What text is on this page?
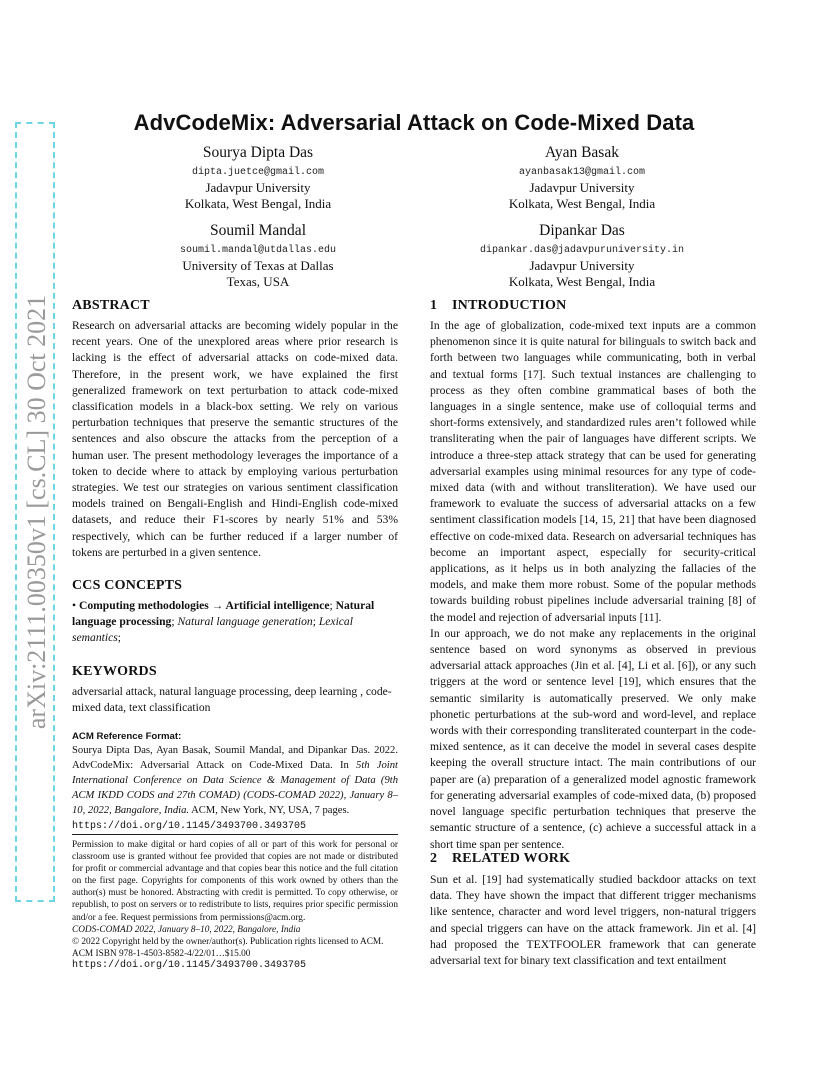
arXiv:2111.00350v1 [cs.CL] 30 Oct 2021
AdvCodeMix: Adversarial Attack on Code-Mixed Data
Sourya Dipta Das
dipta.juetce@gmail.com
Jadavpur University
Kolkata, West Bengal, India
Ayan Basak
ayanbasak13@gmail.com
Jadavpur University
Kolkata, West Bengal, India
Soumil Mandal
soumil.mandal@utdallas.edu
University of Texas at Dallas
Texas, USA
Dipankar Das
dipankar.das@jadavpuruniversity.in
Jadavpur University
Kolkata, West Bengal, India
ABSTRACT

Research on adversarial attacks are becoming widely popular in the recent years. One of the unexplored areas where prior research is lacking is the effect of adversarial attacks on code-mixed data. Therefore, in the present work, we have explained the first generalized framework on text perturbation to attack code-mixed classification models in a black-box setting. We rely on various perturbation techniques that preserve the semantic structures of the sentences and also obscure the attacks from the perception of a human user. The present methodology leverages the importance of a token to decide where to attack by employing various perturbation strategies. We test our strategies on various sentiment classification models trained on Bengali-English and Hindi-English code-mixed datasets, and reduce their F1-scores by nearly 51% and 53% respectively, which can be further reduced if a larger number of tokens are perturbed in a given sentence.

CCS CONCEPTS

• Computing methodologies → Artificial intelligence; Natural language processing; Natural language generation; Lexical semantics;

KEYWORDS

adversarial attack, natural language processing, deep learning , code-mixed data, text classification

ACM Reference Format:

Sourya Dipta Das, Ayan Basak, Soumil Mandal, and Dipankar Das. 2022. AdvCodeMix: Adversarial Attack on Code-Mixed Data. In 5th Joint International Conference on Data Science & Management of Data (9th ACM IKDD CODS and 27th COMAD) (CODS-COMAD 2022), January 8–10, 2022, Bangalore, India. ACM, New York, NY, USA, 7 pages.
https://doi.org/10.1145/3493700.3493705

Permission to make digital or hard copies of all or part of this work for personal or classroom use is granted without fee provided that copies are not made or distributed for profit or commercial advantage and that copies bear this notice and the full citation on the first page. Copyrights for components of this work owned by others than the author(s) must be honored. Abstracting with credit is permitted. To copy otherwise, or republish, to post on servers or to redistribute to lists, requires prior specific permission and/or a fee. Request permissions from permissions@acm.org.

CODS-COMAD 2022, January 8–10, 2022, Bangalore, India

© 2022 Copyright held by the owner/author(s). Publication rights licensed to ACM.

ACM ISBN 978-1-4503-8582-4/22/01…$15.00

https://doi.org/10.1145/3493700.3493705

1 INTRODUCTION

In the age of globalization, code-mixed text inputs are a common phenomenon since it is quite natural for bilinguals to switch back and forth between two languages while communicating, both in verbal and textual forms [17]. Such textual instances are challenging to process as they often combine grammatical bases of both the languages in a single sentence, make use of colloquial terms and short-forms extensively, and standardized rules aren’t followed while transliterating when the pair of languages have different scripts. We introduce a three-step attack strategy that can be used for generating adversarial examples using minimal resources for any type of code-mixed data (with and without transliteration). We have used our framework to evaluate the success of adversarial attacks on a few sentiment classification models [14, 15, 21] that have been diagnosed effective on code-mixed data. Research on adversarial techniques has become an important aspect, especially for security-critical applications, as it helps us in both analyzing the fallacies of the models, and make them more robust. Some of the popular methods towards building robust pipelines include adversarial training [8] of the model and rejection of adversarial inputs [11].

In our approach, we do not make any replacements in the original sentence based on word synonyms as observed in previous adversarial attack approaches (Jin et al. [4], Li et al. [6]), or any such triggers at the word or sentence level [19], which ensures that the semantic similarity is automatically preserved. We only make phonetic perturbations at the sub-word and word-level, and replace words with their corresponding transliterated counterpart in the code-mixed sentence, as it can deceive the model in several cases despite keeping the overall structure intact. The main contributions of our paper are (a) preparation of a generalized model agnostic framework for generating adversarial examples of code-mixed data, (b) proposed novel language specific perturbation techniques that preserve the semantic structure of a sentence, (c) achieve a successful attack in a short time span per sentence.

2 RELATED WORK

Sun et al. [19] had systematically studied backdoor attacks on text data. They have shown the impact that different trigger mechanisms like sentence, character and word level triggers, non-natural triggers and special triggers can have on the attack framework. Jin et al. [4] had proposed the TEXTFOOLER framework that can generate adversarial text for binary text classification and text entailment
